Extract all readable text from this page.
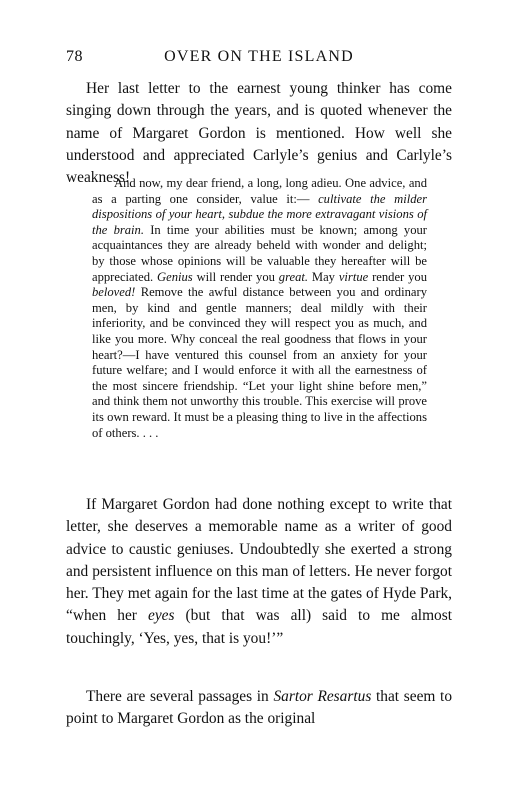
78	OVER ON THE ISLAND

Her last letter to the earnest young thinker has come singing down through the years, and is quoted whenever the name of Margaret Gordon is mentioned. How well she understood and appreciated Carlyle’s genius and Carlyle’s weakness!

And now, my dear friend, a long, long adieu. One advice, and as a parting one consider, value it:— cultivate the milder dispositions of your heart, subdue the more extravagant visions of the brain. In time your abilities must be known; among your acquaintances they are already beheld with wonder and delight; by those whose opinions will be valuable they hereafter will be appreciated. Genius will render you great. May virtue render you beloved! Remove the awful distance between you and ordinary men, by kind and gentle manners; deal mildly with their inferiority, and be convinced they will respect you as much, and like you more. Why conceal the real goodness that flows in your heart?—I have ventured this counsel from an anxiety for your future welfare; and I would enforce it with all the earnestness of the most sincere friendship. “Let your light shine before men,” and think them not unworthy this trouble. This exercise will prove its own reward. It must be a pleasing thing to live in the affections of others. . . .

If Margaret Gordon had done nothing except to write that letter, she deserves a memorable name as a writer of good advice to caustic geniuses. Undoubtedly she exerted a strong and persistent influence on this man of letters. He never forgot her. They met again for the last time at the gates of Hyde Park, “when her eyes (but that was all) said to me almost touchingly, ‘Yes, yes, that is you!’”

There are several passages in Sartor Resartus that seem to point to Margaret Gordon as the original
